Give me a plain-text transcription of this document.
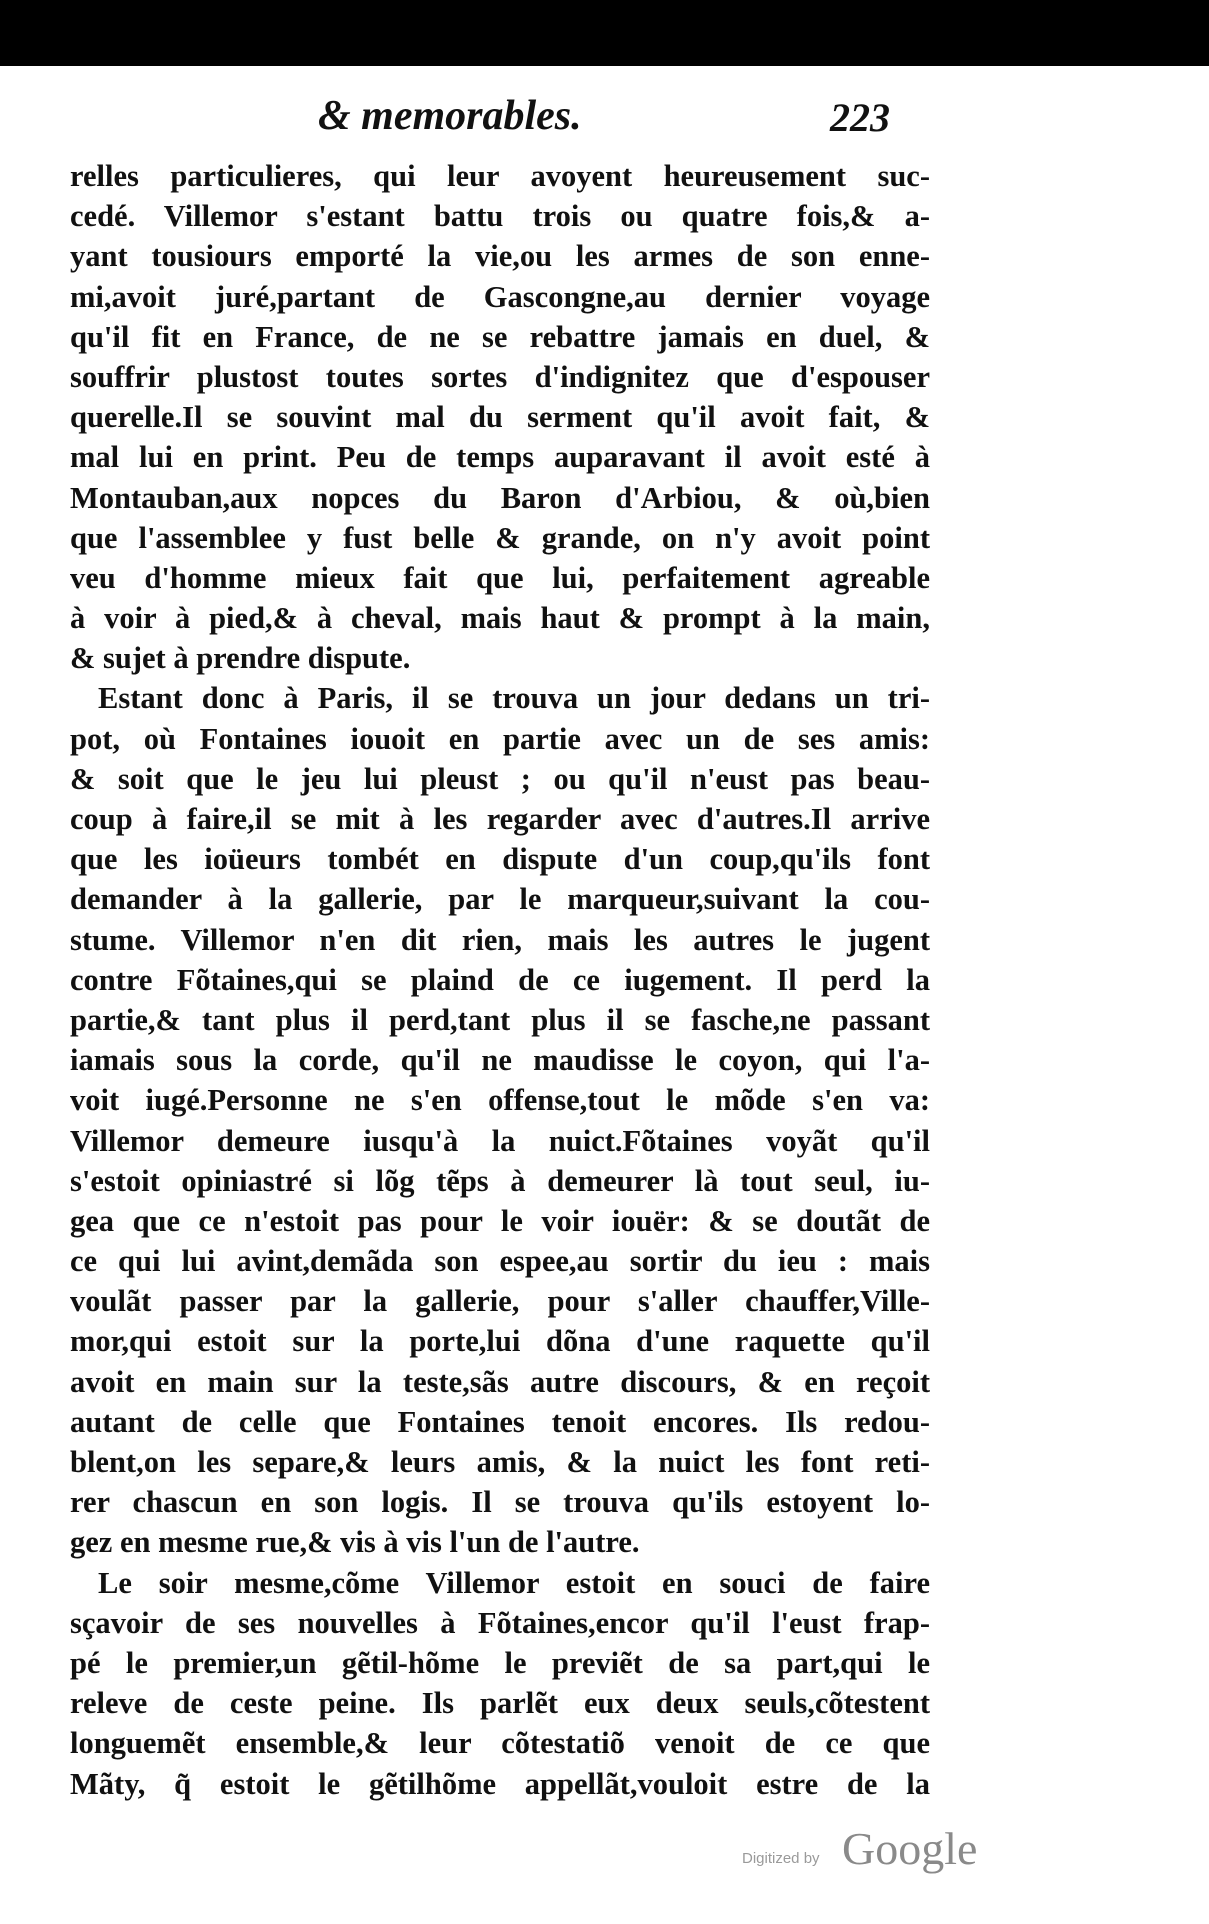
& memorables.	223
relles particulieres, qui leur avoyent heureusement suc-
cedé. Villemor s'estant battu trois ou quatre fois,& a-
yant tousiours emporté la vie,ou les armes de son enne-
mi,avoit juré,partant de Gascongne,au dernier voyage
qu'il fit en France, de ne se rebattre jamais en duel, &
souffrir plustost toutes sortes d'indignitez que d'espouser
querelle.Il se souvint mal du serment qu'il avoit fait, &
mal lui en print. Peu de temps auparavant il avoit esté à
Montauban,aux nopces du Baron d'Arbiou, & où,bien
que l'assemblee y fust belle & grande, on n'y avoit point
veu d'homme mieux fait que lui, perfaitement agreable
à voir à pied,& à cheval, mais haut & prompt à la main,
& sujet à prendre dispute.
Estant donc à Paris, il se trouva un jour dedans un tri-
pot, où Fontaines iouoit en partie avec un de ses amis:
& soit que le jeu lui pleust ; ou qu'il n'eust pas beau-
coup à faire,il se mit à les regarder avec d'autres.Il arrive
que les ioüeurs tombét en dispute d'un coup,qu'ils font
demander à la gallerie, par le marqueur,suivant la cou-
stume. Villemor n'en dit rien, mais les autres le jugent
contre Fõtaines,qui se plaind de ce iugement. Il perd la
partie,& tant plus il perd,tant plus il se fasche,ne passant
iamais sous la corde, qu'il ne maudisse le coyon, qui l'a-
voit iugé.Personne ne s'en offense,tout le mõde s'en va:
Villemor demeure iusqu'à la nuict.Fõtaines voyãt qu'il
s'estoit opiniastré si lõg tẽps à demeurer là tout seul, iu-
gea que ce n'estoit pas pour le voir iouër: & se doutãt de
ce qui lui avint,demãda son espee,au sortir du ieu : mais
voulãt passer par la gallerie, pour s'aller chauffer,Ville-
mor,qui estoit sur la porte,lui dõna d'une raquette qu'il
avoit en main sur la teste,sãs autre discours, & en reçoit
autant de celle que Fontaines tenoit encores. Ils redou-
blent,on les separe,& leurs amis, & la nuict les font reti-
rer chascun en son logis. Il se trouva qu'ils estoyent lo-
gez en mesme rue,& vis à vis l'un de l'autre.
Le soir mesme,cõme Villemor estoit en souci de faire
sçavoir de ses nouvelles à Fõtaines,encor qu'il l'eust frap-
pé le premier,un gẽtil-hõme le previẽt de sa part,qui le
releve de ceste peine. Ils parlẽt eux deux seuls,cõtestent
longuemẽt ensemble,& leur cõtestatiõ venoit de ce que
Mãty, q̃ estoit le gẽtilhõme appellãt,vouloit estre de la
Digitized by Google
